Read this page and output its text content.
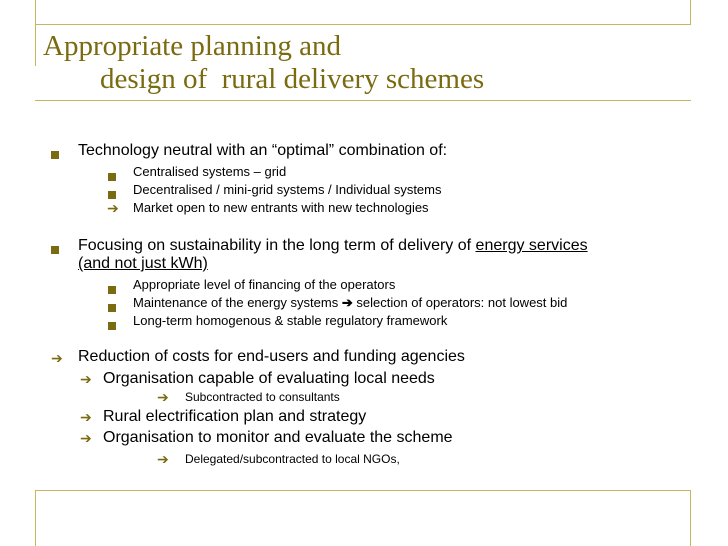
Appropriate planning and
design of  rural delivery schemes
Technology neutral with an “optimal” combination of:
Centralised systems – grid
Decentralised / mini-grid systems / Individual systems
➔ Market open to new entrants with new technologies
Focusing on sustainability in the long term of delivery of energy services
(and not just kWh)
Appropriate level of financing of the operators
Maintenance of the energy systems ➔ selection of operators: not lowest bid
Long-term homogenous & stable regulatory framework
➔ Reduction of costs for end-users and funding agencies
➔ Organisation capable of evaluating local needs
➔ Subcontracted to consultants
➔ Rural electrification plan and strategy
➔ Organisation to monitor and evaluate the scheme
➔ Delegated/subcontracted to local NGOs,
